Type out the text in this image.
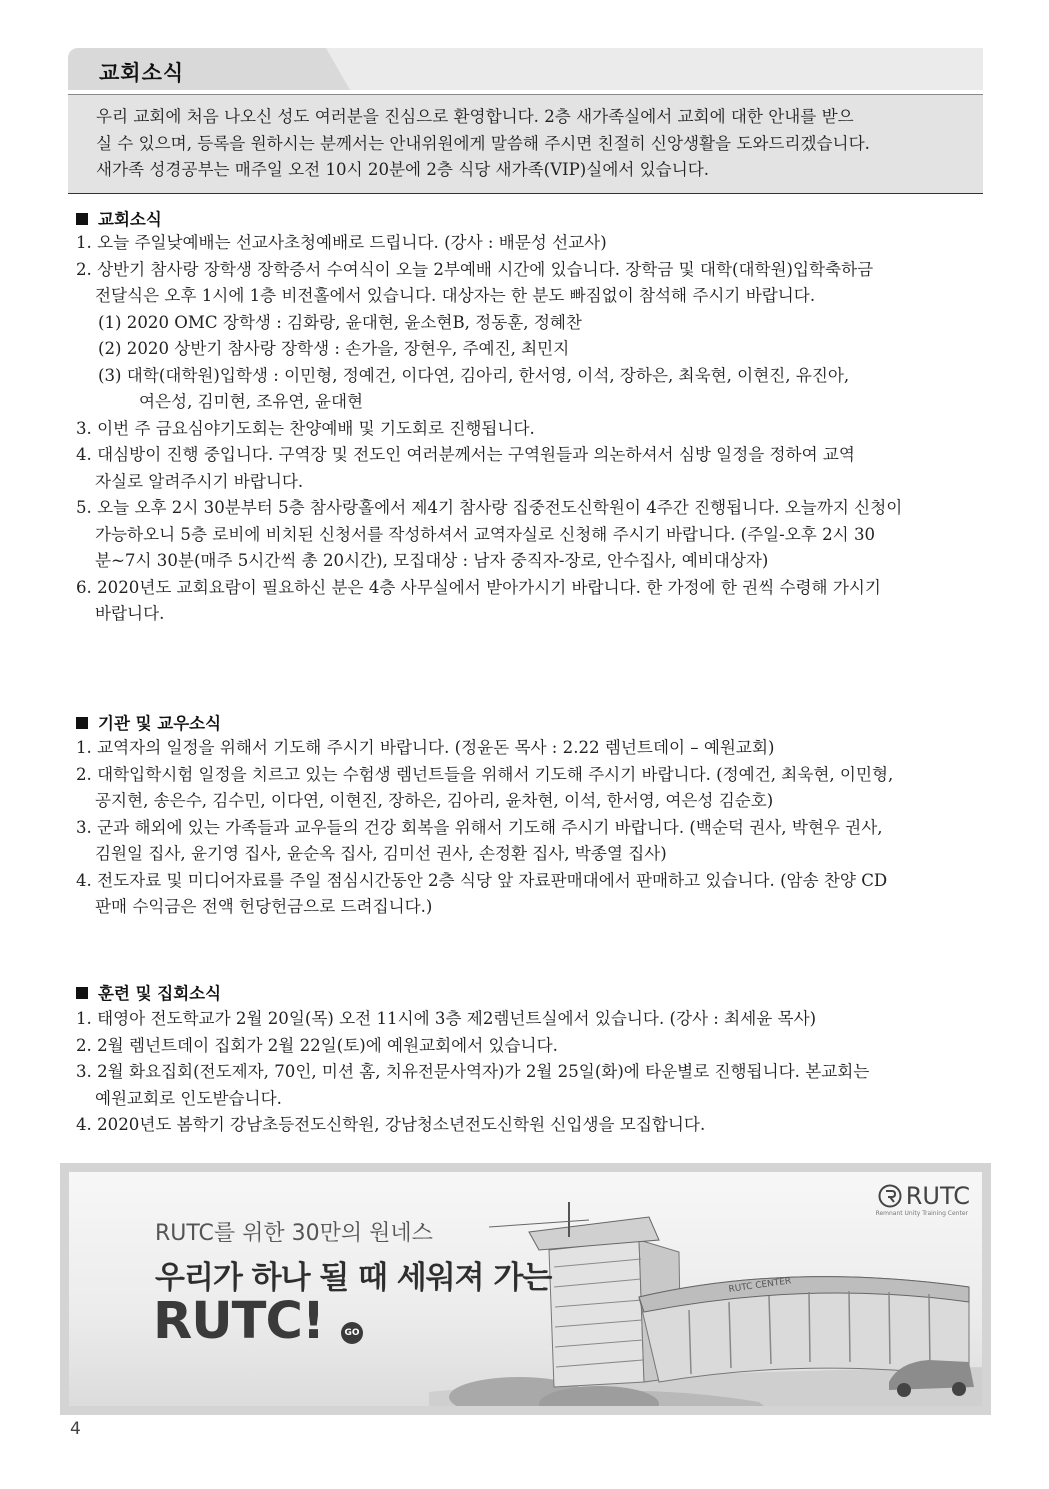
교회소식
우리 교회에 처음 나오신 성도 여러분을 진심으로 환영합니다. 2층 새가족실에서 교회에 대한 안내를 받으
실 수 있으며, 등록을 원하시는 분께서는 안내위원에게 말씀해 주시면 친절히 신앙생활을 도와드리겠습니다.
새가족 성경공부는 매주일 오전 10시 20분에 2층 식당 새가족(VIP)실에서 있습니다.
교회소식
1. 오늘 주일낮예배는 선교사초청예배로 드립니다. (강사 : 배문성 선교사)
2. 상반기 참사랑 장학생 장학증서 수여식이 오늘 2부예배 시간에 있습니다. 장학금 및 대학(대학원)입학축하금
전달식은 오후 1시에 1층 비전홀에서 있습니다. 대상자는 한 분도 빠짐없이 참석해 주시기 바랍니다.
(1) 2020 OMC 장학생 : 김화랑, 윤대현, 윤소현B, 정동훈, 정혜찬
(2) 2020 상반기 참사랑 장학생 : 손가을, 장현우, 주예진, 최민지
(3) 대학(대학원)입학생 : 이민형, 정예건, 이다연, 김아리, 한서영, 이석, 장하은, 최욱현, 이현진, 유진아,
여은성, 김미현, 조유연, 윤대현
3. 이번 주 금요심야기도회는 찬양예배 및 기도회로 진행됩니다.
4. 대심방이 진행 중입니다. 구역장 및 전도인 여러분께서는 구역원들과 의논하셔서 심방 일정을 정하여 교역
자실로 알려주시기 바랍니다.
5. 오늘 오후 2시 30분부터 5층 참사랑홀에서 제4기 참사랑 집중전도신학원이 4주간 진행됩니다. 오늘까지 신청이
가능하오니 5층 로비에 비치된 신청서를 작성하셔서 교역자실로 신청해 주시기 바랍니다. (주일-오후 2시 30
분~7시 30분(매주 5시간씩 총 20시간), 모집대상 : 남자 중직자-장로, 안수집사, 예비대상자)
6. 2020년도 교회요람이 필요하신 분은 4층 사무실에서 받아가시기 바랍니다. 한 가정에 한 권씩 수령해 가시기
바랍니다.
기관 및 교우소식
1. 교역자의 일정을 위해서 기도해 주시기 바랍니다. (정윤돈 목사 : 2.22 렘넌트데이 – 예원교회)
2. 대학입학시험 일정을 치르고 있는 수험생 렘넌트들을 위해서 기도해 주시기 바랍니다. (정예건, 최욱현, 이민형,
공지현, 송은수, 김수민, 이다연, 이현진, 장하은, 김아리, 윤차현, 이석, 한서영, 여은성 김순호)
3. 군과 해외에 있는 가족들과 교우들의 건강 회복을 위해서 기도해 주시기 바랍니다. (백순덕 권사, 박현우 권사,
김원일 집사, 윤기영 집사, 윤순옥 집사, 김미선 권사, 손정환 집사, 박종열 집사)
4. 전도자료 및 미디어자료를 주일 점심시간동안 2층 식당 앞 자료판매대에서 판매하고 있습니다. (암송 찬양 CD
판매 수익금은 전액 헌당헌금으로 드려집니다.)
훈련 및 집회소식
1. 태영아 전도학교가 2월 20일(목) 오전 11시에 3층 제2렘넌트실에서 있습니다. (강사 : 최세윤 목사)
2. 2월 렘넌트데이 집회가 2월 22일(토)에 예원교회에서 있습니다.
3. 2월 화요집회(전도제자, 70인, 미션 홈, 치유전문사역자)가 2월 25일(화)에 타운별로 진행됩니다. 본교회는
예원교회로 인도받습니다.
4. 2020년도 봄학기 강남초등전도신학원, 강남청소년전도신학원 신입생을 모집합니다.
RUTC CENTER
RUTC를 위한 30만의 원네스
우리가 하나 될 때 세워져 가는
RUTC!	GO
RUTC
Remnant Unity Training Center
4
